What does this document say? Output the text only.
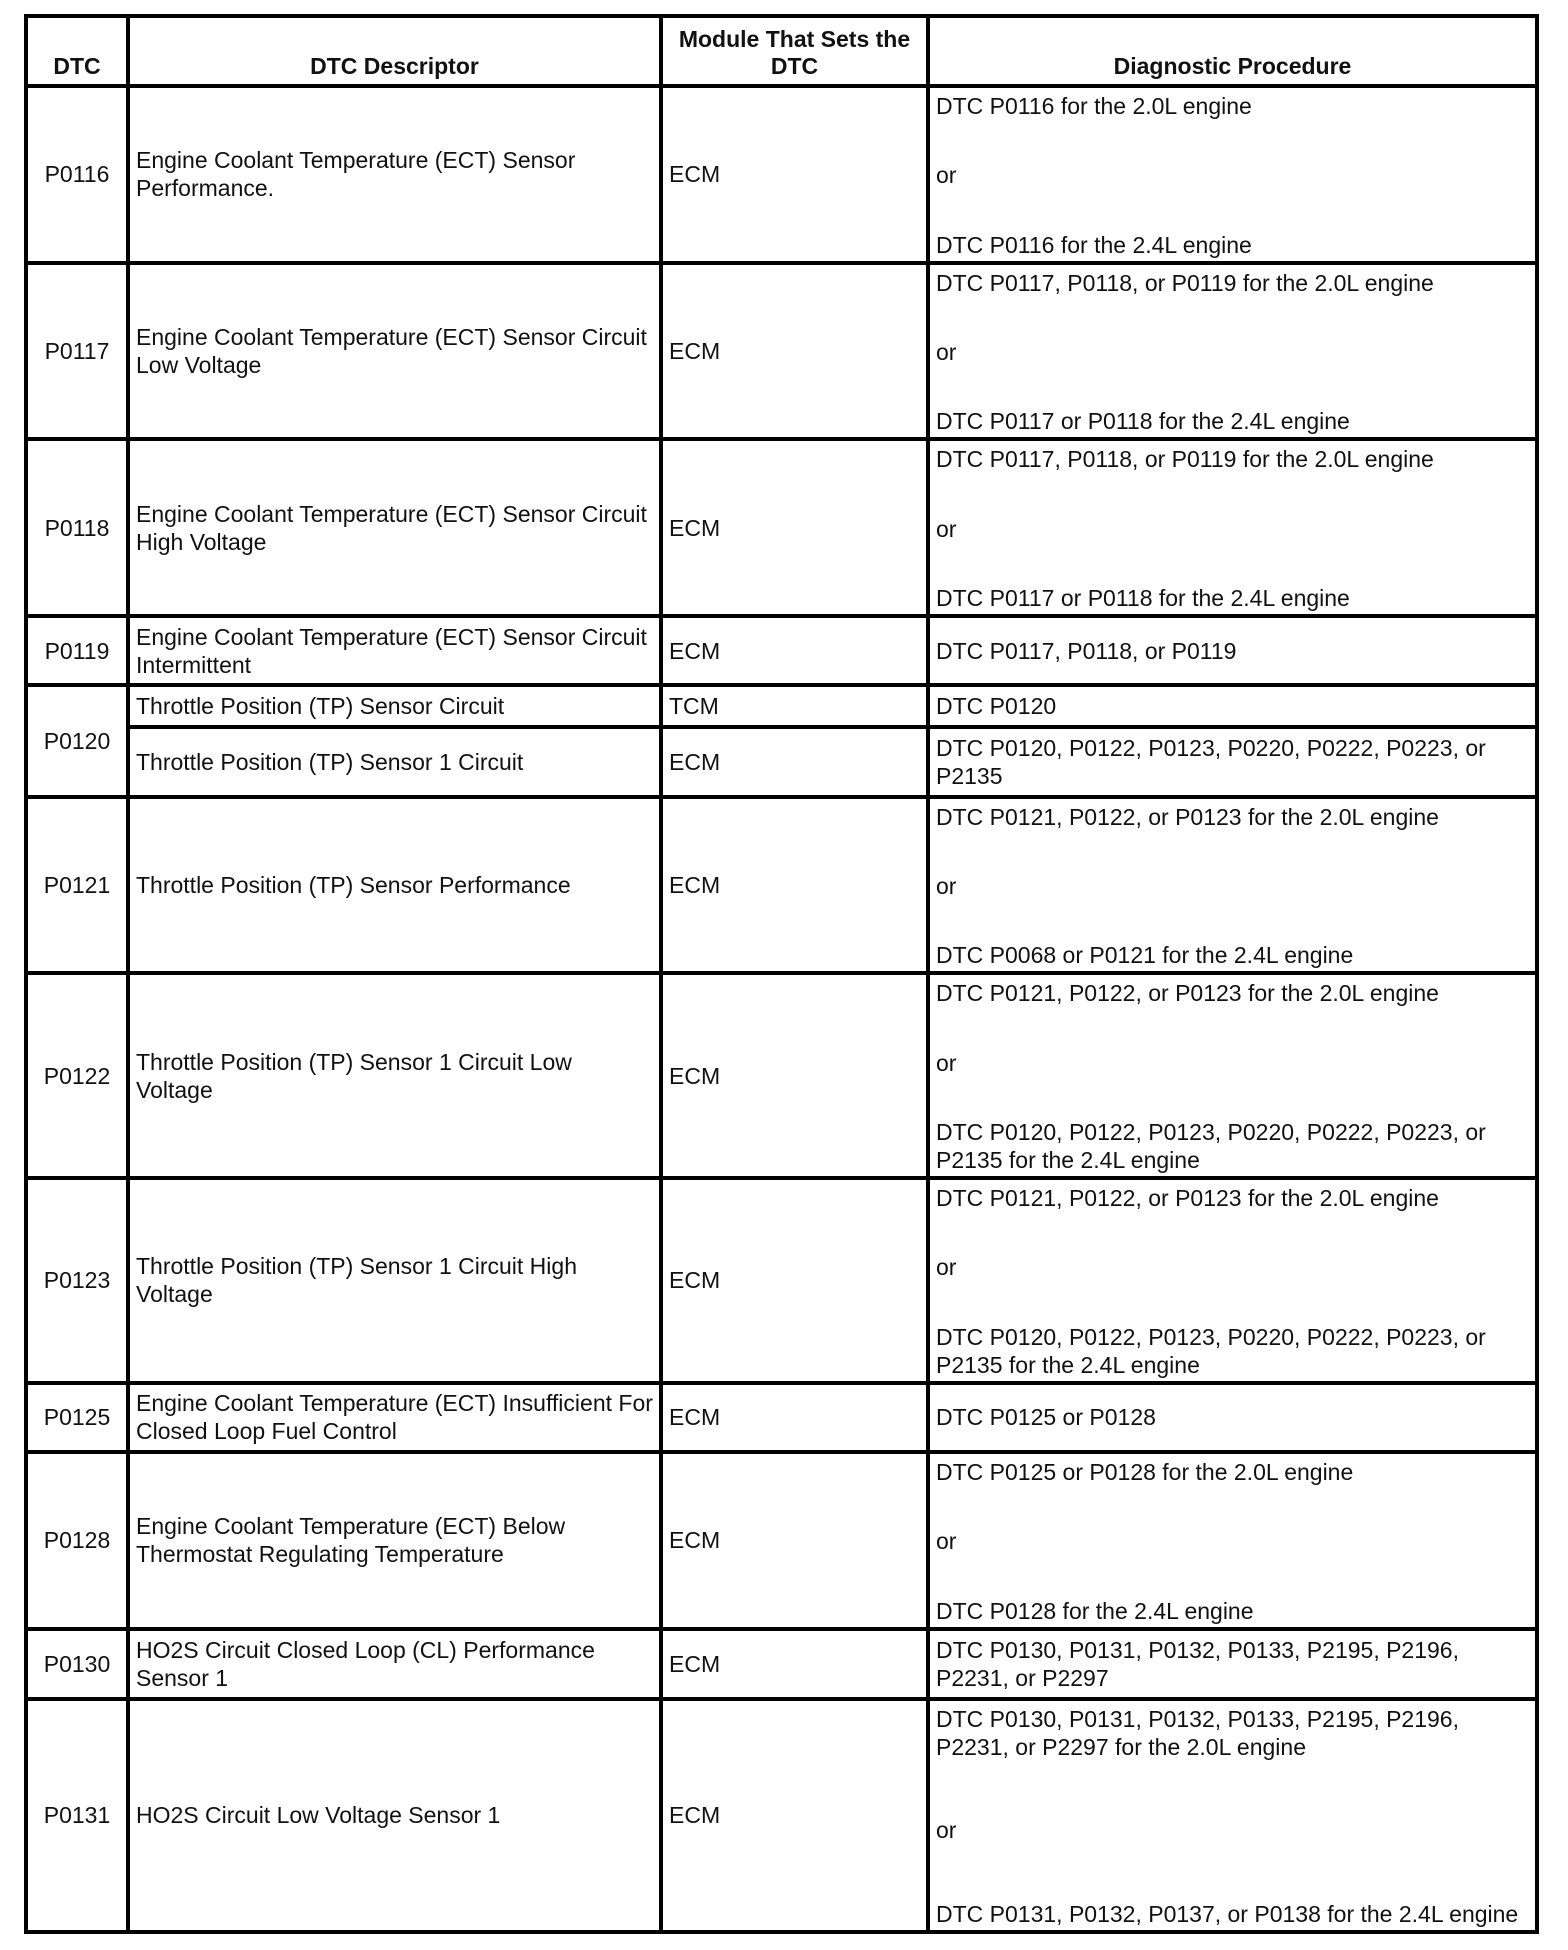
DTC	DTC Descriptor	Module That Sets the DTC	Diagnostic Procedure
P0116	Engine Coolant Temperature (ECT) Sensor Performance.	ECM	DTC P0116 for the 2.0L engine
or
DTC P0116 for the 2.4L engine

P0117	Engine Coolant Temperature (ECT) Sensor Circuit Low Voltage	ECM	DTC P0117, P0118, or P0119 for the 2.0L engine
or
DTC P0117 or P0118 for the 2.4L engine

P0118	Engine Coolant Temperature (ECT) Sensor Circuit High Voltage	ECM	DTC P0117, P0118, or P0119 for the 2.0L engine
or
DTC P0117 or P0118 for the 2.4L engine

P0119	Engine Coolant Temperature (ECT) Sensor Circuit Intermittent	ECM	DTC P0117, P0118, or P0119
P0120	Throttle Position (TP) Sensor Circuit	TCM	DTC P0120
	Throttle Position (TP) Sensor 1 Circuit	ECM	DTC P0120, P0122, P0123, P0220, P0222, P0223, or P2135
P0121	Throttle Position (TP) Sensor Performance	ECM	DTC P0121, P0122, or P0123 for the 2.0L engine
or
DTC P0068 or P0121 for the 2.4L engine

P0122	Throttle Position (TP) Sensor 1 Circuit Low Voltage	ECM	DTC P0121, P0122, or P0123 for the 2.0L engine
or
DTC P0120, P0122, P0123, P0220, P0222, P0223, or P2135 for the 2.4L engine

P0123	Throttle Position (TP) Sensor 1 Circuit High Voltage	ECM	DTC P0121, P0122, or P0123 for the 2.0L engine
or
DTC P0120, P0122, P0123, P0220, P0222, P0223, or P2135 for the 2.4L engine

P0125	Engine Coolant Temperature (ECT) Insufficient For Closed Loop Fuel Control	ECM	DTC P0125 or P0128
P0128	Engine Coolant Temperature (ECT) Below Thermostat Regulating Temperature	ECM	DTC P0125 or P0128 for the 2.0L engine
or
DTC P0128 for the 2.4L engine

P0130	HO2S Circuit Closed Loop (CL) Performance Sensor 1	ECM	DTC P0130, P0131, P0132, P0133, P2195, P2196, P2231, or P2297
P0131	HO2S Circuit Low Voltage Sensor 1	ECM	DTC P0130, P0131, P0132, P0133, P2195, P2196, P2231, or P2297 for the 2.0L engine
or
DTC P0131, P0132, P0137, or P0138 for the 2.4L engine
